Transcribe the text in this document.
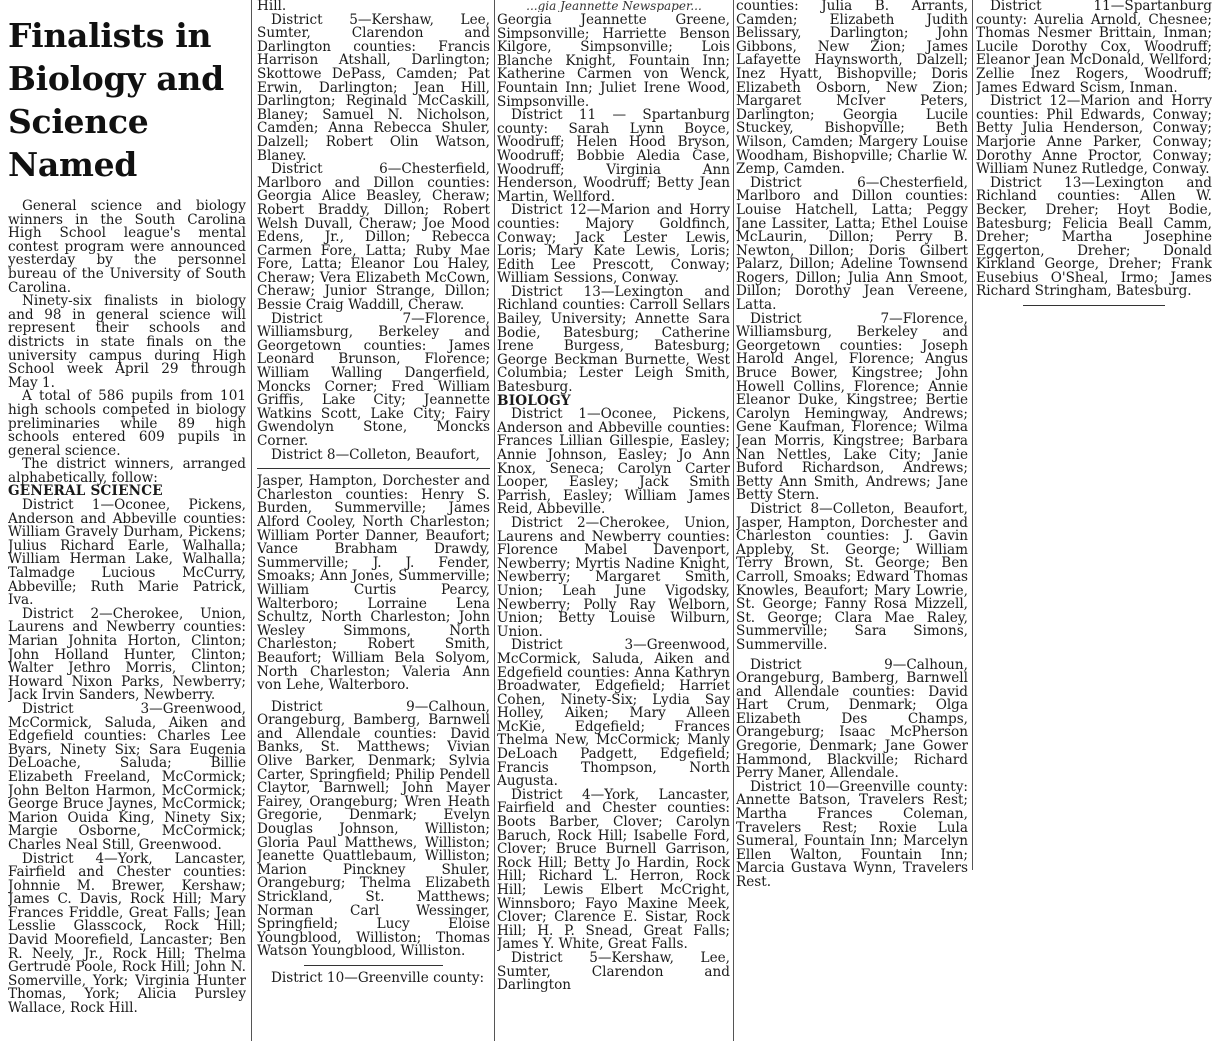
...gia Jeannette Newspaper...
Finalists in Biology and Science Named

General science and biology winners in the South Carolina High School league's mental contest program were announced yesterday by the personnel bureau of the University of South Carolina.

Ninety-six finalists in biology and 98 in general science will represent their schools and districts in state finals on the university campus during High School week April 29 through May 1.

A total of 586 pupils from 101 high schools competed in biology preliminaries while 89 high schools entered 609 pupils in general science.

The district winners, arranged alphabetically, follow:

GENERAL SCIENCE

District 1—Oconee, Pickens, Anderson and Abbeville counties: William Gravely Durham, Pickens; Julius Richard Earle, Walhalla; William Herman Lake, Walhalla; Talmadge Lucious McCurry, Abbeville; Ruth Marie Patrick, Iva.

District 2—Cherokee, Union, Laurens and Newberry counties: Marian Johnita Horton, Clinton; John Holland Hunter, Clinton; Walter Jethro Morris, Clinton; Howard Nixon Parks, Newberry; Jack Irvin Sanders, Newberry.

District 3—Greenwood, McCormick, Saluda, Aiken and Edgefield counties: Charles Lee Byars, Ninety Six; Sara Eugenia DeLoache, Saluda; Billie Elizabeth Freeland, McCormick; John Belton Harmon, McCormick; George Bruce Jaynes, McCormick; Marion Ouida King, Ninety Six; Margie Osborne, McCormick; Charles Neal Still, Greenwood.

District 4—York, Lancaster, Fairfield and Chester counties: Johnnie M. Brewer, Kershaw; James C. Davis, Rock Hill; Mary Frances Friddle, Great Falls; Jean Lesslie Glasscock, Rock Hill; David Moorefield, Lancaster; Ben R. Neely, Jr., Rock Hill; Thelma Gertrude Poole, Rock Hill; John N. Somerville, York; Virginia Hunter Thomas, York; Alicia Pursley Wallace, Rock Hill.

Hill.

District 5—Kershaw, Lee, Sumter, Clarendon and Darlington counties: Francis Harrison Atshall, Darlington; Skottowe DePass, Camden; Pat Erwin, Darlington; Jean Hill, Darlington; Reginald McCaskill, Blaney; Samuel N. Nicholson, Camden; Anna Rebecca Shuler, Dalzell; Robert Olin Watson, Blaney.

District 6—Chesterfield, Marlboro and Dillon counties: Georgia Alice Beasley, Cheraw; Robert Braddy, Dillon; Robert Welsh Duvall, Cheraw; Joe Mood Edens, Jr., Dillon; Rebecca Carmen Fore, Latta; Ruby Mae Fore, Latta; Eleanor Lou Haley, Cheraw; Vera Elizabeth McCown, Cheraw; Junior Strange, Dillon; Bessie Craig Waddill, Cheraw.

District 7—Florence, Williamsburg, Berkeley and Georgetown counties: James Leonard Brunson, Florence; William Walling Dangerfield, Moncks Corner; Fred William Griffis, Lake City; Jeannette Watkins Scott, Lake City; Fairy Gwendolyn Stone, Moncks Corner.

District 8—Colleton, Beaufort,

Jasper, Hampton, Dorchester and Charleston counties: Henry S. Burden, Summerville; James Alford Cooley, North Charleston; William Porter Danner, Beaufort; Vance Brabham Drawdy, Summerville; J. J. Fender, Smoaks; Ann Jones, Summerville; William Curtis Pearcy, Walterboro; Lorraine Lena Schultz, North Charleston; John Wesley Simmons, North Charleston; Robert Smith, Beaufort; William Bela Solyom, North Charleston; Valeria Ann von Lehe, Walterboro.

District 9—Calhoun, Orangeburg, Bamberg, Barnwell and Allendale counties: David Banks, St. Matthews; Vivian Olive Barker, Denmark; Sylvia Carter, Springfield; Philip Pendell Claytor, Barnwell; John Mayer Fairey, Orangeburg; Wren Heath Gregorie, Denmark; Evelyn Douglas Johnson, Williston; Gloria Paul Matthews, Williston; Jeanette Quattlebaum, Williston; Marion Pinckney Shuler, Orangeburg; Thelma Elizabeth Strickland, St. Matthews; Norman Carl Wessinger, Springfield; Lucy Eloise Youngblood, Williston; Thomas Watson Youngblood, Williston.

District 10—Greenville county:

Georgia Jeannette Greene, Simpsonville; Harriette Benson Kilgore, Simpsonville; Lois Blanche Knight, Fountain Inn; Katherine Carmen von Wenck, Fountain Inn; Juliet Irene Wood, Simpsonville.

District 11 — Spartanburg county: Sarah Lynn Boyce, Woodruff; Helen Hood Bryson, Woodruff; Bobbie Aledia Case, Woodruff; Virginia Ann Henderson, Woodruff; Betty Jean Martin, Wellford.

District 12—Marion and Horry counties: Majory Goldfinch, Conway; Jack Lester Lewis, Loris; Mary Kate Lewis, Loris; Edith Lee Prescott, Conway; William Sessions, Conway.

District 13—Lexington and Richland counties: Carroll Sellars Bailey, University; Annette Sara Bodie, Batesburg; Catherine Irene Burgess, Batesburg; George Beckman Burnette, West Columbia; Lester Leigh Smith, Batesburg.

BIOLOGY

District 1—Oconee, Pickens, Anderson and Abbeville counties: Frances Lillian Gillespie, Easley; Annie Johnson, Easley; Jo Ann Knox, Seneca; Carolyn Carter Looper, Easley; Jack Smith Parrish, Easley; William James Reid, Abbeville.

District 2—Cherokee, Union, Laurens and Newberry counties: Florence Mabel Davenport, Newberry; Myrtis Nadine Knight, Newberry; Margaret Smith, Union; Leah June Vigodsky, Newberry; Polly Ray Welborn, Union; Betty Louise Wilburn, Union.

District 3—Greenwood, McCormick, Saluda, Aiken and Edgefield counties: Anna Kathryn Broadwater, Edgefield; Harriet Cohen, Ninety-Six; Lydia Say Holley, Aiken; Mary Alleen McKie, Edgefield; Frances Thelma New, McCormick; Manly DeLoach Padgett, Edgefield; Francis Thompson, North Augusta.

District 4—York, Lancaster, Fairfield and Chester counties: Boots Barber, Clover; Carolyn Baruch, Rock Hill; Isabelle Ford, Clover; Bruce Burnell Garrison, Rock Hill; Betty Jo Hardin, Rock Hill; Richard L. Herron, Rock Hill; Lewis Elbert McCright, Winnsboro; Fayo Maxine Meek, Clover; Clarence E. Sistar, Rock Hill; H. P. Snead, Great Falls; James Y. White, Great Falls.

District 5—Kershaw, Lee, Sumter, Clarendon and Darlington

counties: Julia B. Arrants, Camden; Elizabeth Judith Belissary, Darlington; John Gibbons, New Zion; James Lafayette Haynsworth, Dalzell; Inez Hyatt, Bishopville; Doris Elizabeth Osborn, New Zion; Margaret McIver Peters, Darlington; Georgia Lucile Stuckey, Bishopville; Beth Wilson, Camden; Margery Louise Woodham, Bishopville; Charlie W. Zemp, Camden.

District 6—Chesterfield, Marlboro and Dillon counties: Louise Hatchell, Latta; Peggy Jane Lassiter, Latta; Ethel Louise McLaurin, Dillon; Perry B. Newton, Dillon; Doris Gilbert Palarz, Dillon; Adeline Townsend Rogers, Dillon; Julia Ann Smoot, Dillon; Dorothy Jean Vereene, Latta.

District 7—Florence, Williamsburg, Berkeley and Georgetown counties: Joseph Harold Angel, Florence; Angus Bruce Bower, Kingstree; John Howell Collins, Florence; Annie Eleanor Duke, Kingstree; Bertie Carolyn Hemingway, Andrews; Gene Kaufman, Florence; Wilma Jean Morris, Kingstree; Barbara Nan Nettles, Lake City; Janie Buford Richardson, Andrews; Betty Ann Smith, Andrews; Jane Betty Stern.

District 8—Colleton, Beaufort, Jasper, Hampton, Dorchester and Charleston counties: J. Gavin Appleby, St. George; William Terry Brown, St. George; Ben Carroll, Smoaks; Edward Thomas Knowles, Beaufort; Mary Lowrie, St. George; Fanny Rosa Mizzell, St. George; Clara Mae Raley, Summerville; Sara Simons, Summerville.

District 9—Calhoun, Orangeburg, Bamberg, Barnwell and Allendale counties: David Hart Crum, Denmark; Olga Elizabeth Des Champs, Orangeburg; Isaac McPherson Gregorie, Denmark; Jane Gower Hammond, Blackville; Richard Perry Maner, Allendale.

District 10—Greenville county: Annette Batson, Travelers Rest; Martha Frances Coleman, Travelers Rest; Roxie Lula Sumeral, Fountain Inn; Marcelyn Ellen Walton, Fountain Inn; Marcia Gustava Wynn, Travelers Rest.

District 11—Spartanburg county: Aurelia Arnold, Chesnee; Thomas Nesmer Brittain, Inman; Lucile Dorothy Cox, Woodruff; Eleanor Jean McDonald, Wellford; Zellie Inez Rogers, Woodruff; James Edward Scism, Inman.

District 12—Marion and Horry counties: Phil Edwards, Conway; Betty Julia Henderson, Conway; Marjorie Anne Parker, Conway; Dorothy Anne Proctor, Conway; William Nunez Rutledge, Conway.

District 13—Lexington and Richland counties: Allen W. Becker, Dreher; Hoyt Bodie, Batesburg; Felicia Beall Camm, Dreher; Martha Josephine Eggerton, Dreher; Donald Kirkland George, Dreher; Frank Eusebius O'Sheal, Irmo; James Richard Stringham, Batesburg.
